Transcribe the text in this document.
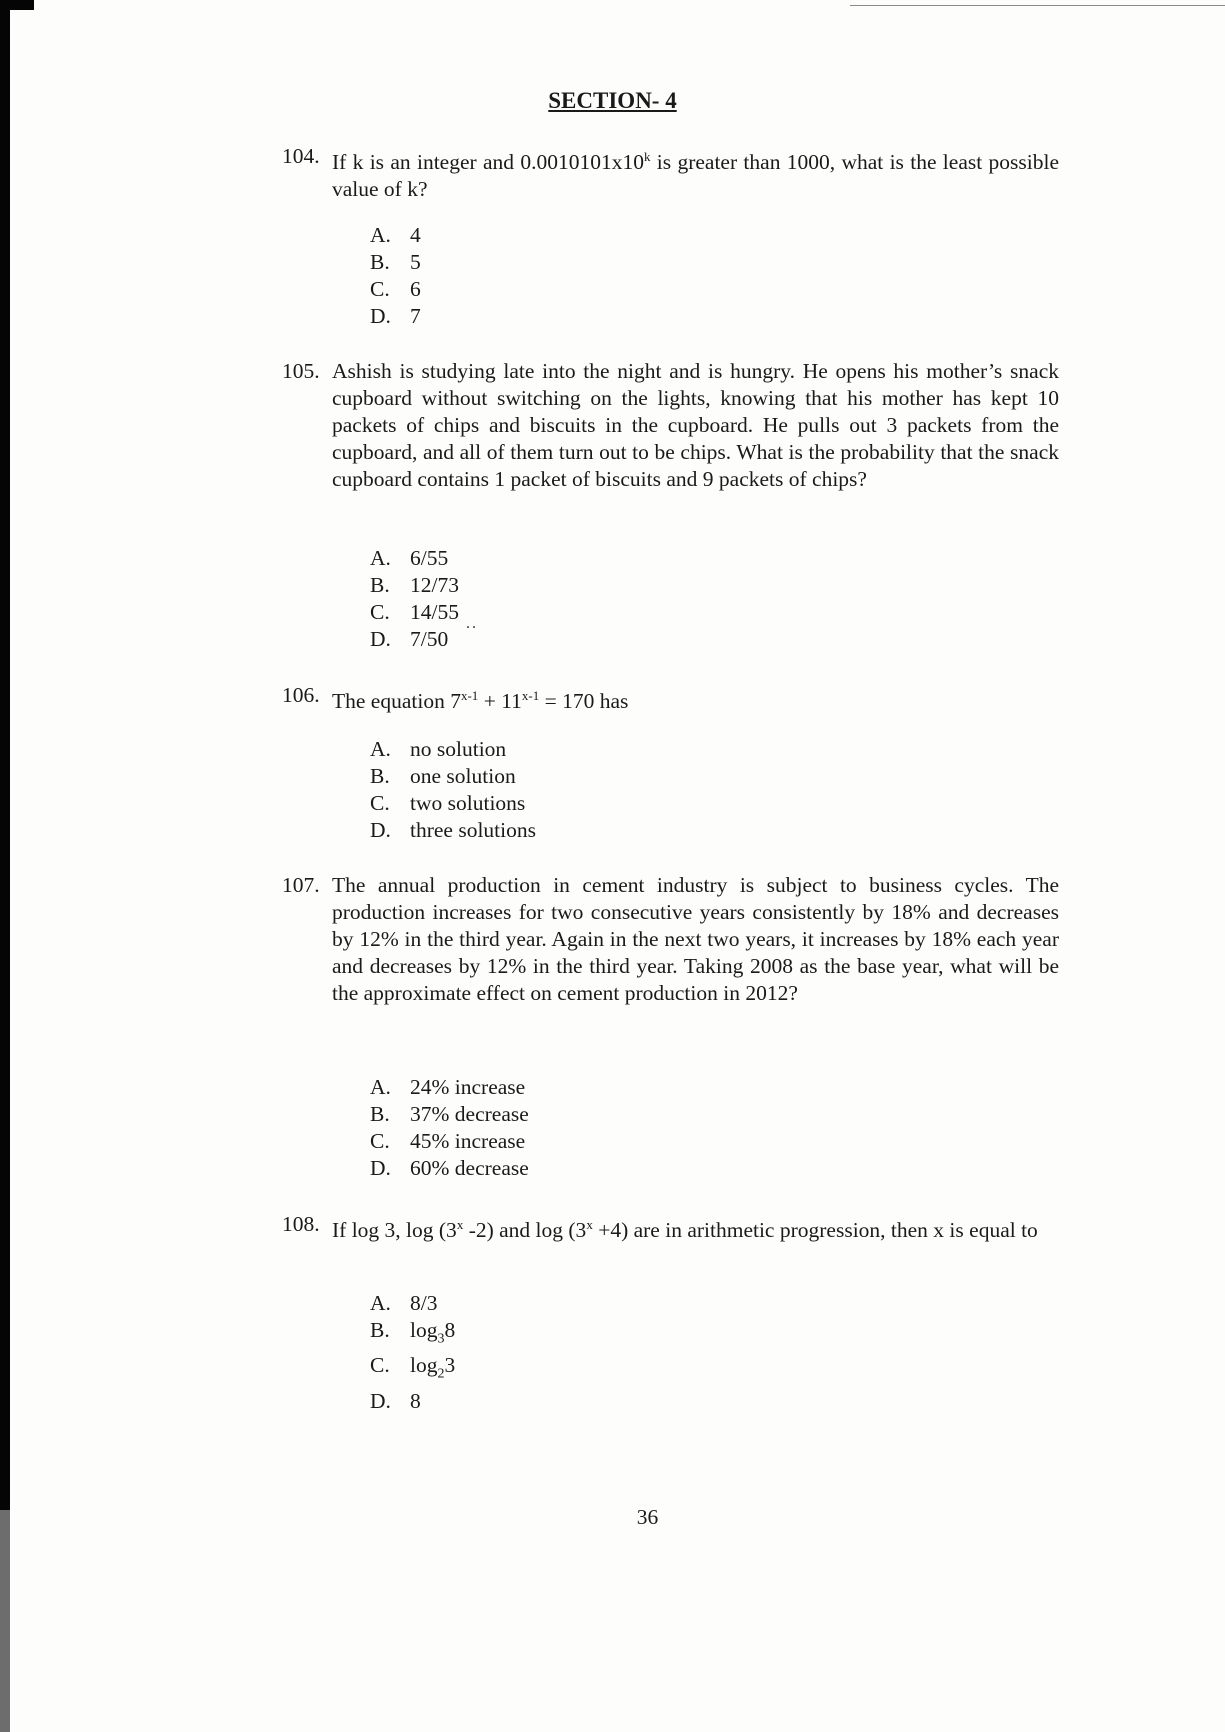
SECTION- 4
104. If k is an integer and 0.0010101x10$^k$ is greater than 1000, what is the least possible value of k?
A. 4
B. 5
C. 6
D. 7
105. Ashish is studying late into the night and is hungry. He opens his mother’s snack cupboard without switching on the lights, knowing that his mother has kept 10 packets of chips and biscuits in the cupboard. He pulls out 3 packets from the cupboard, and all of them turn out to be chips. What is the probability that the snack cupboard contains 1 packet of biscuits and 9 packets of chips?
A. 6/55
B. 12/73
C. 14/55
D. 7/50 ˙˙
106. The equation $7^{x-1} + 11^{x-1} = 170$ has
A. no solution
B. one solution
C. two solutions
D. three solutions
107. The annual production in cement industry is subject to business cycles. The production increases for two consecutive years consistently by 18% and decreases by 12% in the third year. Again in the next two years, it increases by 18% each year and decreases by 12% in the third year. Taking 2008 as the base year, what will be the approximate effect on cement production in 2012?
A. 24% increase
B. 37% decrease
C. 45% increase
D. 60% decrease
108. If log 3, log (3$^x$ -2) and $\log (3^x +4)$ are in arithmetic progression, then x is equal to
A. 8/3
B. $\log_38$
C. $\log_23$
D. 8
36
